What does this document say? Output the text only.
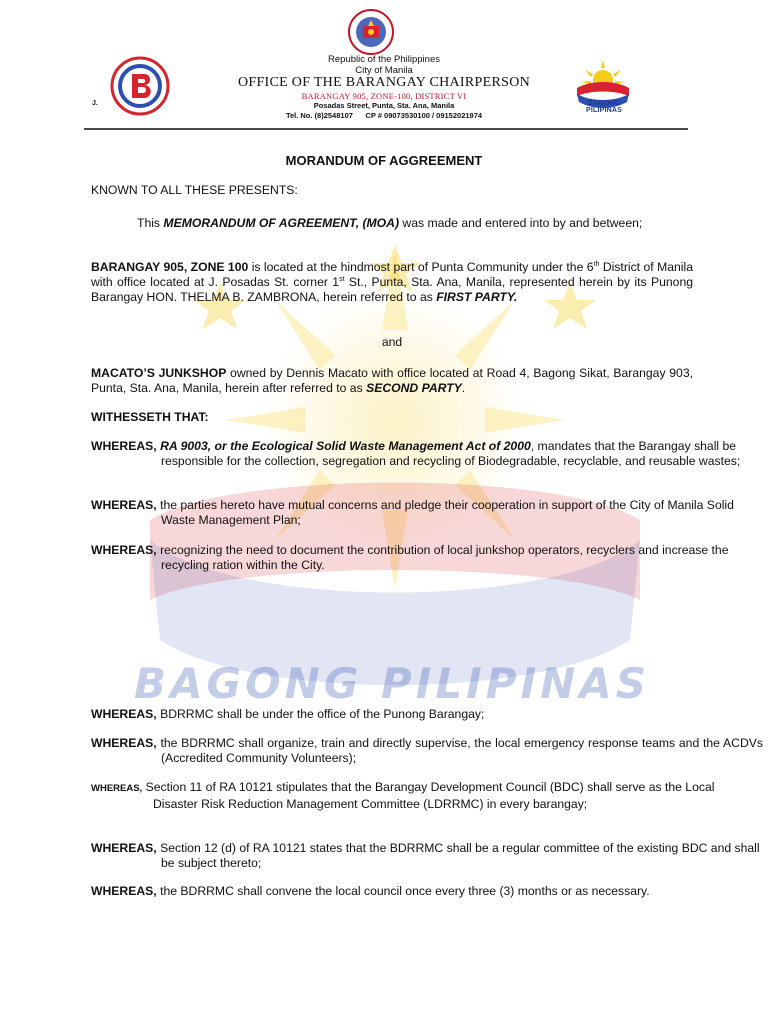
BAGONG PILIPINAS
J.	BAGONG PILIPINAS

Republic of the Philippines

City of Manila

OFFICE OF THE BARANGAY CHAIRPERSON

BARANGAY 905, ZONE-100, DISTRICT VI

Posadas Street, Punta, Sta. Ana, Manila

Tel. No. (8)2548107      CP # 09073530100 / 09152021974

MORANDUM OF AGGREEMENT

KNOWN TO ALL THESE PRESENTS:

This MEMORANDUM OF AGREEMENT, (MOA) was made and entered into by and between;

BARANGAY 905, ZONE 100 is located at the hindmost part of Punta Community under the 6th District of Manila with office located at J. Posadas St. corner 1st St., Punta, Sta. Ana, Manila, represented herein by its Punong Barangay HON. THELMA B. ZAMBRONA, herein referred to as FIRST PARTY.

and

MACATO’S JUNKSHOP owned by Dennis Macato with office located at Road 4, Bagong Sikat, Barangay 903, Punta, Sta. Ana, Manila, herein after referred to as SECOND PARTY.

WITHESSETH THAT:

WHEREAS, RA 9003, or the Ecological Solid Waste Management Act of 2000, mandates that the Barangay shall be responsible for the collection, segregation and recycling of Biodegradable, recyclable, and reusable wastes;

WHEREAS, the parties hereto have mutual concerns and pledge their cooperation in support of the City of Manila Solid Waste Management Plan;

WHEREAS, recognizing the need to document the contribution of local junkshop operators, recyclers and increase the recycling ration within the City.

WHEREAS, BDRRMC shall be under the office of the Punong Barangay;

WHEREAS, the BDRRMC shall organize, train and directly supervise, the local emergency response teams and the ACDVs (Accredited Community Volunteers);

WHEREAS, Section 11 of RA 10121 stipulates that the Barangay Development Council (BDC) shall serve as the Local Disaster Risk Reduction Management Committee (LDRRMC) in every barangay;

WHEREAS, Section 12 (d) of RA 10121 states that the BDRRMC shall be a regular committee of the existing BDC and shall be subject thereto;

WHEREAS, the BDRRMC shall convene the local council once every three (3) months or as necessary.
